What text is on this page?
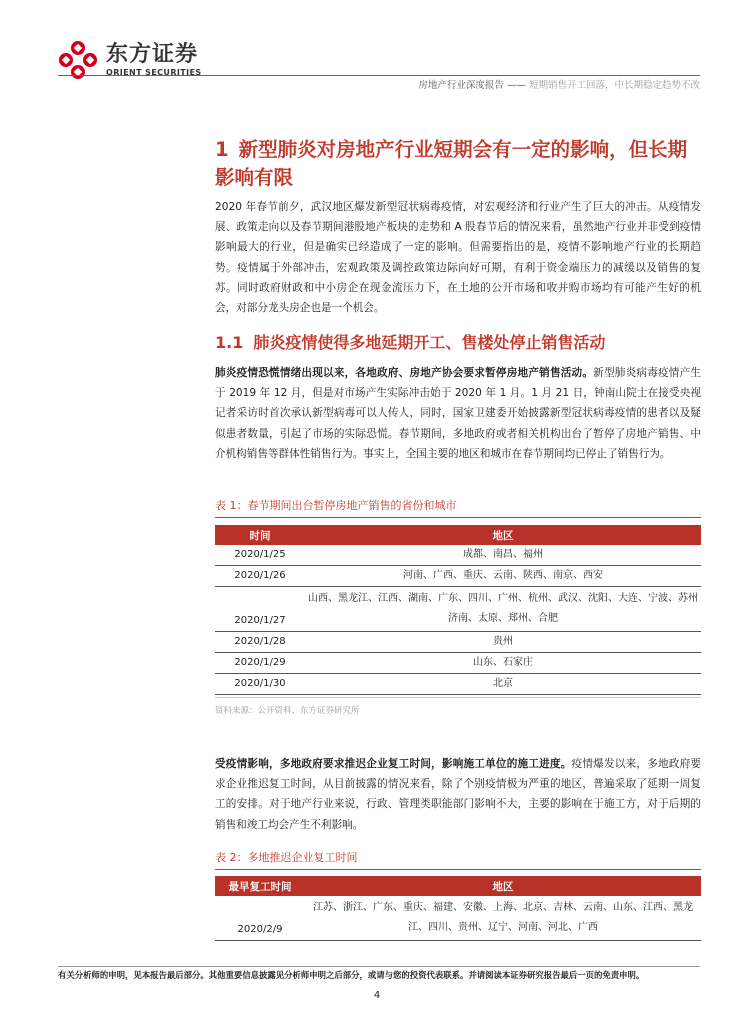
东方证券
ORIENT SECURITIES
房地产行业深度报告 —— 短期销售开工回落，中长期稳定趋势不改
1 新型肺炎对房地产行业短期会有一定的影响，但长期影响有限
2020 年春节前夕，武汉地区爆发新型冠状病毒疫情，对宏观经济和行业产生了巨大的冲击。从疫情发展、政策走向以及春节期间港股地产板块的走势和 A 股春节后的情况来看，虽然地产行业并非受到疫情影响最大的行业，但是确实已经造成了一定的影响。但需要指出的是，疫情不影响地产行业的长期趋势。疫情属于外部冲击，宏观政策及调控政策边际向好可期，有利于资金端压力的减缓以及销售的复苏。同时政府财政和中小房企在现金流压力下，在土地的公开市场和收并购市场均有可能产生好的机会，对部分龙头房企也是一个机会。
1.1 肺炎疫情使得多地延期开工、售楼处停止销售活动
肺炎疫情恐慌情绪出现以来，各地政府、房地产协会要求暂停房地产销售活动。新型肺炎病毒疫情产生于 2019 年 12 月，但是对市场产生实际冲击始于 2020 年 1 月。1 月 21 日，钟南山院士在接受央视记者采访时首次承认新型病毒可以人传人，同时，国家卫建委开始披露新型冠状病毒疫情的患者以及疑似患者数量，引起了市场的实际恐慌。春节期间，多地政府或者相关机构出台了暂停了房地产销售、中介机构销售等群体性销售行为。事实上，全国主要的地区和城市在春节期间均已停止了销售行为。
表 1：春节期间出台暂停房地产销售的省份和城市
时间	地区
2020/1/25	成都、南昌、福州
2020/1/26	河南、广西、重庆、云南、陕西、南京、西安
2020/1/27	山西、黑龙江、江西、湖南、广东、四川、广州、杭州、武汉、沈阳、大连、宁波、苏州济南、太原、郑州、合肥
2020/1/28	贵州
2020/1/29	山东、石家庄
2020/1/30	北京
资料来源：公开资料、东方证券研究所
受疫情影响，多地政府要求推迟企业复工时间，影响施工单位的施工进度。疫情爆发以来，多地政府要求企业推迟复工时间，从目前披露的情况来看，除了个别疫情极为严重的地区，普遍采取了延期一周复工的安排。对于地产行业来说，行政、管理类职能部门影响不大，主要的影响在于施工方，对于后期的销售和竣工均会产生不利影响。
表 2：多地推迟企业复工时间
最早复工时间	地区
2020/2/9	江苏、浙江、广东、重庆、福建、安徽、上海、北京、吉林、云南、山东、江西、黑龙江、四川、贵州、辽宁、河南、河北、广西
有关分析师的申明，见本报告最后部分。其他重要信息披露见分析师申明之后部分，或请与您的投资代表联系。并请阅读本证券研究报告最后一页的免责申明。
4
